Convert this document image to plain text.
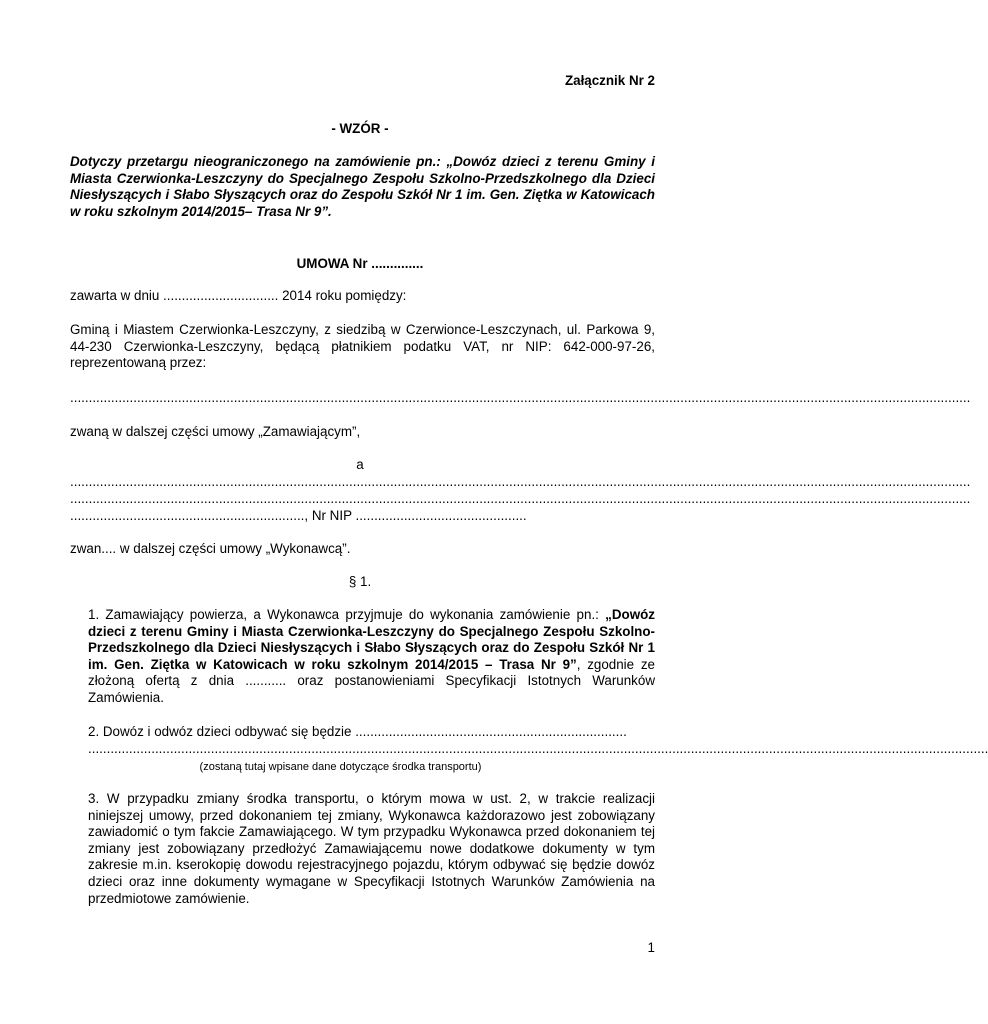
Załącznik Nr 2
- WZÓR -
Dotyczy przetargu nieograniczonego na zamówienie pn.: „Dowóz dzieci z terenu Gminy i Miasta Czerwionka-Leszczyny do Specjalnego Zespołu Szkolno-Przedszkolnego dla Dzieci Niesłyszących i Słabo Słyszących oraz do Zespołu Szkół Nr 1 im. Gen. Ziętka w Katowicach w roku szkolnym 2014/2015– Trasa Nr 9”.
UMOWA Nr ..............
zawarta w dniu ............................... 2014 roku pomiędzy:
Gminą i Miastem Czerwionka-Leszczyny, z siedzibą w Czerwionce-Leszczynach, ul. Parkowa 9, 44-230 Czerwionka-Leszczyny, będącą płatnikiem podatku VAT, nr NIP: 642-000-97-26, reprezentowaną przez:
..................................................................................................................................................................................................................................................
zwaną w dalszej części umowy „Zamawiającym”,
a
..................................................................................................................................................................................................................................................
..................................................................................................................................................................................................................................................
..............................................................., Nr NIP ..............................................
zwan.... w dalszej części umowy „Wykonawcą”.
§ 1.
1. Zamawiający powierza, a Wykonawca przyjmuje do wykonania zamówienie pn.: „Dowóz dzieci z terenu Gminy i Miasta Czerwionka-Leszczyny do Specjalnego Zespołu Szkolno-Przedszkolnego dla Dzieci Niesłyszących i Słabo Słyszących oraz do Zespołu Szkół Nr 1 im. Gen. Ziętka w Katowicach w roku szkolnym 2014/2015 – Trasa Nr 9”, zgodnie ze złożoną ofertą z dnia ........... oraz postanowieniami Specyfikacji Istotnych Warunków Zamówienia.
2. Dowóz i odwóz dzieci odbywać się będzie .........................................................................
..................................................................................................................................................................................................................................................
(zostaną tutaj wpisane dane dotyczące środka transportu)
3. W przypadku zmiany środka transportu, o którym mowa w ust. 2, w trakcie realizacji niniejszej umowy, przed dokonaniem tej zmiany, Wykonawca każdorazowo jest zobowiązany zawiadomić o tym fakcie Zamawiającego. W tym przypadku Wykonawca przed dokonaniem tej zmiany jest zobowiązany przedłożyć Zamawiającemu nowe dodatkowe dokumenty w tym zakresie m.in. kserokopię dowodu rejestracyjnego pojazdu, którym odbywać się będzie dowóz dzieci oraz inne dokumenty wymagane w Specyfikacji Istotnych Warunków Zamówienia na przedmiotowe zamówienie.
1
